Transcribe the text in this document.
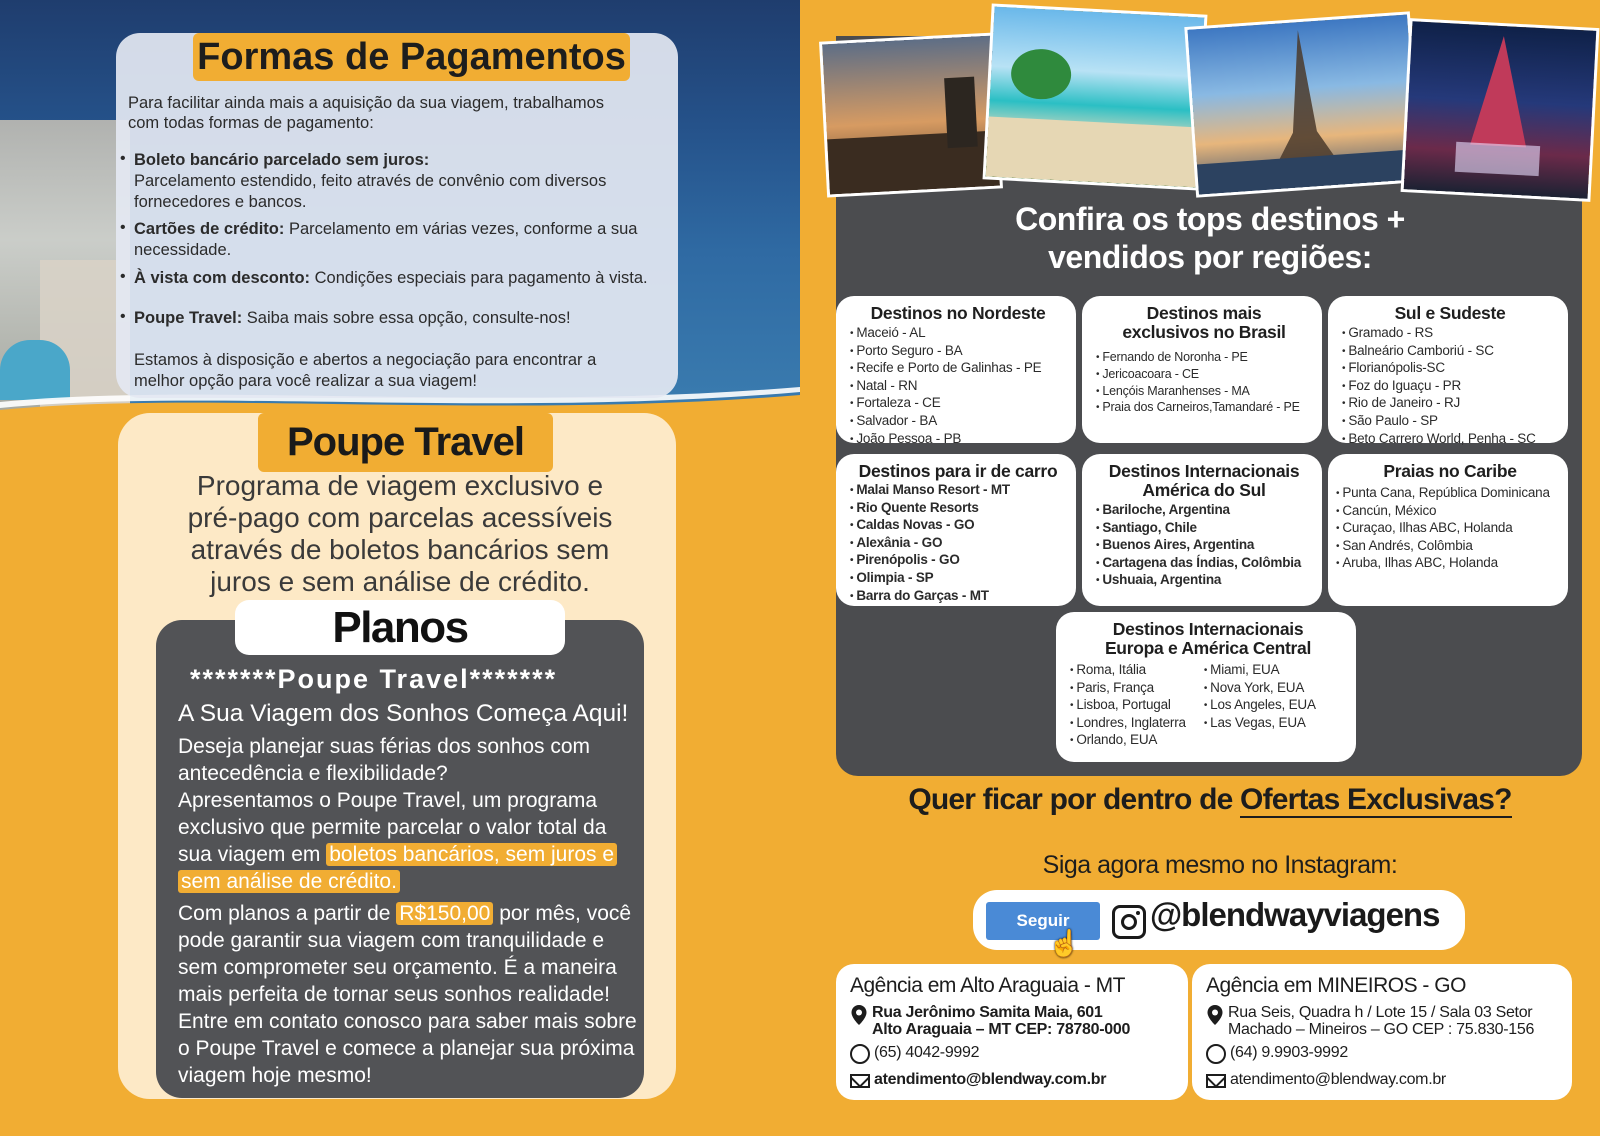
Formas de Pagamentos
Para facilitar ainda mais a aquisição da sua viagem, trabalhamos
com todas formas de pagamento:
• Boleto bancário parcelado sem juros:
Parcelamento estendido, feito através de convênio com diversos
fornecedores e bancos.
• Cartões de crédito: Parcelamento em várias vezes, conforme a sua
necessidade.
• À vista com desconto: Condições especiais para pagamento à vista.
• Poupe Travel: Saiba mais sobre essa opção, consulte-nos!
Estamos à disposição e abertos a negociação para encontrar a
melhor opção para você realizar a sua viagem!
Poupe Travel
Programa de viagem exclusivo e
pré-pago com parcelas acessíveis
através de boletos bancários sem
juros e sem análise de crédito.
Planos
*******Poupe Travel*******
A Sua Viagem dos Sonhos Começa Aqui!
Deseja planejar suas férias dos sonhos com
antecedência e flexibilidade?
Apresentamos o Poupe Travel, um programa
exclusivo que permite parcelar o valor total da
sua viagem em boletos bancários, sem juros e
sem análise de crédito.
Com planos a partir de R$150,00 por mês, você
pode garantir sua viagem com tranquilidade e
sem comprometer seu orçamento. É a maneira
mais perfeita de tornar seus sonhos realidade!
Entre em contato conosco para saber mais sobre
o Poupe Travel e comece a planejar sua próxima
viagem hoje mesmo!
Confira os tops destinos +
vendidos por regiões:
Destinos no Nordeste
• Maceió - AL
• Porto Seguro - BA
• Recife e Porto de Galinhas - PE
• Natal - RN
• Fortaleza - CE
• Salvador - BA
• João Pessoa - PB
Destinos mais
exclusivos no Brasil
• Fernando de Noronha - PE
• Jericoacoara - CE
• Lençóis Maranhenses - MA
• Praia dos Carneiros,Tamandaré - PE
Sul e Sudeste
• Gramado - RS
• Balneário Camboriú - SC
• Florianópolis-SC
• Foz do Iguaçu - PR
• Rio de Janeiro - RJ
• São Paulo - SP
• Beto Carrero World, Penha - SC
Destinos para ir de carro
• Malai Manso Resort - MT
• Rio Quente Resorts
• Caldas Novas - GO
• Alexânia - GO
• Pirenópolis - GO
• Olimpia - SP
• Barra do Garças - MT
Destinos Internacionais
América do Sul
• Bariloche, Argentina
• Santiago, Chile
• Buenos Aires, Argentina
• Cartagena das Índias, Colômbia
• Ushuaia, Argentina
Praias no Caribe
• Punta Cana, República Dominicana
• Cancún, México
• Curaçao, Ilhas ABC, Holanda
• San Andrés, Colômbia
• Aruba, Ilhas ABC, Holanda
Destinos Internacionais
Europa e América Central
• Roma, Itália
• Paris, França
• Lisboa, Portugal
• Londres, Inglaterra
• Orlando, EUA
• Miami, EUA
• Nova York, EUA
• Los Angeles, EUA
• Las Vegas, EUA
Quer ficar por dentro de Ofertas Exclusivas?
Siga agora mesmo no Instagram:
Seguir
☝
@blendwayviagens
Agência em Alto Araguaia - MT
Rua Jerônimo Samita Maia, 601
Alto Araguaia – MT CEP: 78780-000
(65) 4042-9992
atendimento@blendway.com.br
Agência em MINEIROS - GO
Rua Seis, Quadra h / Lote 15 / Sala 03 Setor
Machado – Mineiros – GO CEP : 75.830-156
(64) 9.9903-9992
atendimento@blendway.com.br
